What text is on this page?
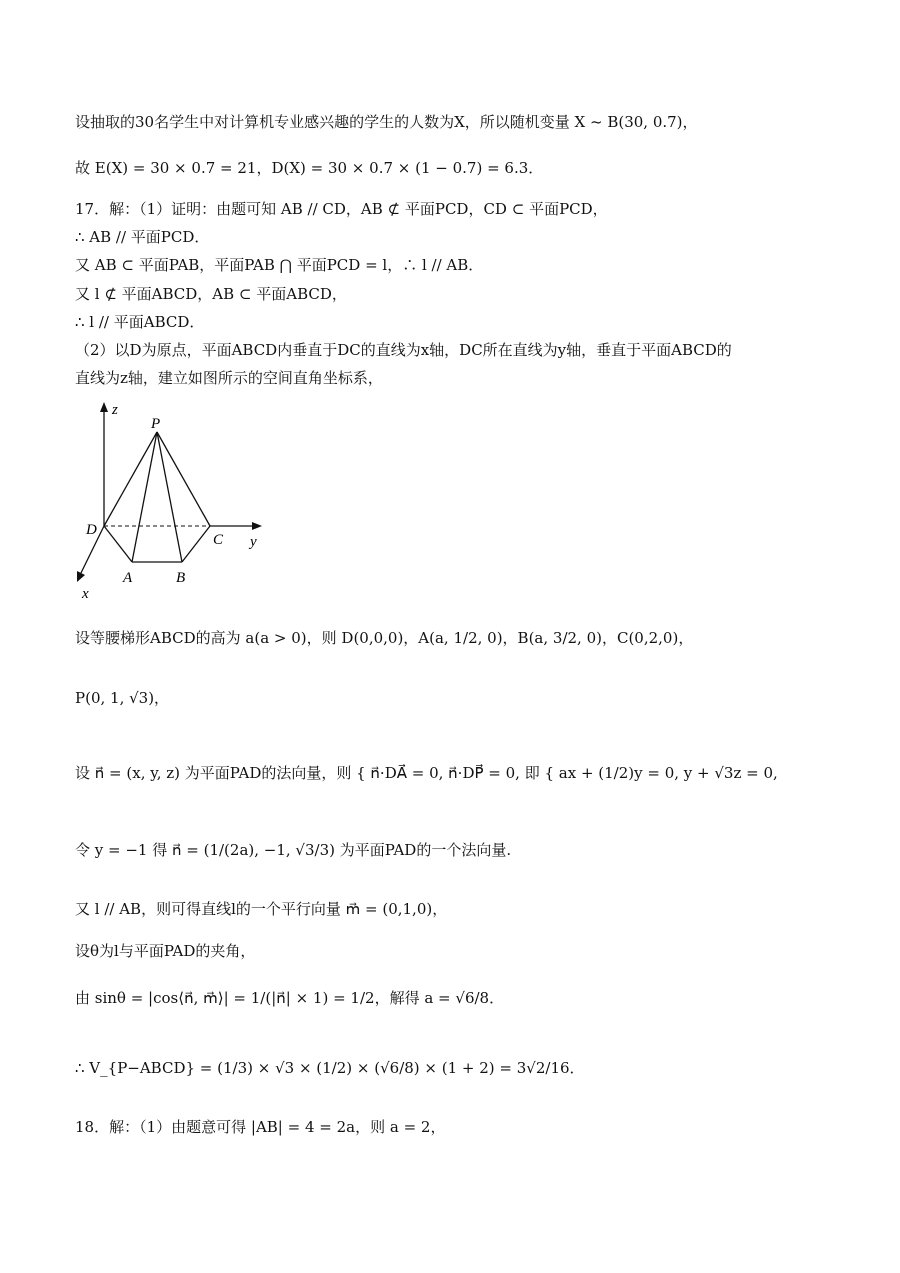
设抽取的30名学生中对计算机专业感兴趣的学生的人数为X，所以随机变量 X ~ B(30, 0.7)，
故 E(X) = 30 × 0.7 = 21，D(X) = 30 × 0.7 × (1 − 0.7) = 6.3．
17．解：（1）证明：由题可知 AB // CD，AB ⊄ 平面PCD，CD ⊂ 平面PCD，
∴ AB // 平面PCD．
又 AB ⊂ 平面PAB，平面PAB ⋂ 平面PCD = l，∴ l // AB．
又 l ⊄ 平面ABCD，AB ⊂ 平面ABCD，
∴ l // 平面ABCD．
（2）以D为原点，平面ABCD内垂直于DC的直线为x轴，DC所在直线为y轴，垂直于平面ABCD的
直线为z轴，建立如图所示的空间直角坐标系，
z
P
D
C y
A	B
x
设等腰梯形ABCD的高为 a(a > 0)，则 D(0,0,0)，A(a, 1/2, 0)，B(a, 3/2, 0)，C(0,2,0)，
P(0, 1, √3)，
设 n⃗ = (x, y, z) 为平面PAD的法向量，则 { n⃗·DA⃗ = 0, n⃗·DP⃗ = 0, 即 { ax + (1/2)y = 0, y + √3z = 0,
令 y = −1 得 n⃗ = (1/(2a), −1, √3/3) 为平面PAD的一个法向量.
又 l // AB，则可得直线l的一个平行向量 m⃗ = (0,1,0)，
设θ为l与平面PAD的夹角，
由 sinθ = |cos⟨n⃗, m⃗⟩| = 1/(|n⃗| × 1) = 1/2，解得 a = √6/8．
∴ V_{P−ABCD} = (1/3) × √3 × (1/2) × (√6/8) × (1 + 2) = 3√2/16．
18．解：（1）由题意可得 |AB| = 4 = 2a，则 a = 2，
